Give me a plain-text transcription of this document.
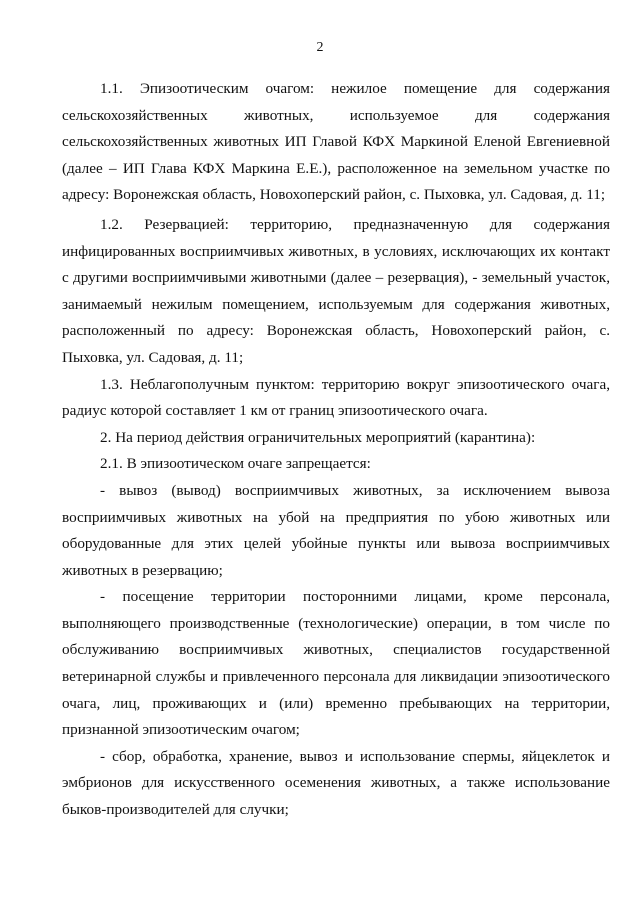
2

1.1. Эпизоотическим очагом: нежилое помещение для содержания сельскохозяйственных животных, используемое для содержания сельскохозяйственных животных ИП Главой КФХ Маркиной Еленой Евгениевной (далее – ИП Глава КФХ Маркина Е.Е.), расположенное на земельном участке по адресу: Воронежская область, Новохоперский район, с. Пыховка, ул. Садовая, д. 11;

1.2. Резервацией: территорию, предназначенную для содержания инфицированных восприимчивых животных, в условиях, исключающих их контакт с другими восприимчивыми животными (далее – резервация), - земельный участок, занимаемый нежилым помещением, используемым для содержания животных, расположенный по адресу: Воронежская область, Новохоперский район, с. Пыховка, ул. Садовая, д. 11;

1.3. Неблагополучным пунктом: территорию вокруг эпизоотического очага, радиус которой составляет 1 км от границ эпизоотического очага.

2. На период действия ограничительных мероприятий (карантина):

2.1. В эпизоотическом очаге запрещается:

- вывоз (вывод) восприимчивых животных, за исключением вывоза восприимчивых животных на убой на предприятия по убою животных или оборудованные для этих целей убойные пункты или вывоза восприимчивых животных в резервацию;

- посещение территории посторонними лицами, кроме персонала, выполняющего производственные (технологические) операции, в том числе по обслуживанию восприимчивых животных, специалистов государственной ветеринарной службы и привлеченного персонала для ликвидации эпизоотического очага, лиц, проживающих и (или) временно пребывающих на территории, признанной эпизоотическим очагом;

- сбор, обработка, хранение, вывоз и использование спермы, яйцеклеток и эмбрионов для искусственного осеменения животных, а также использование быков-производителей для случки;
